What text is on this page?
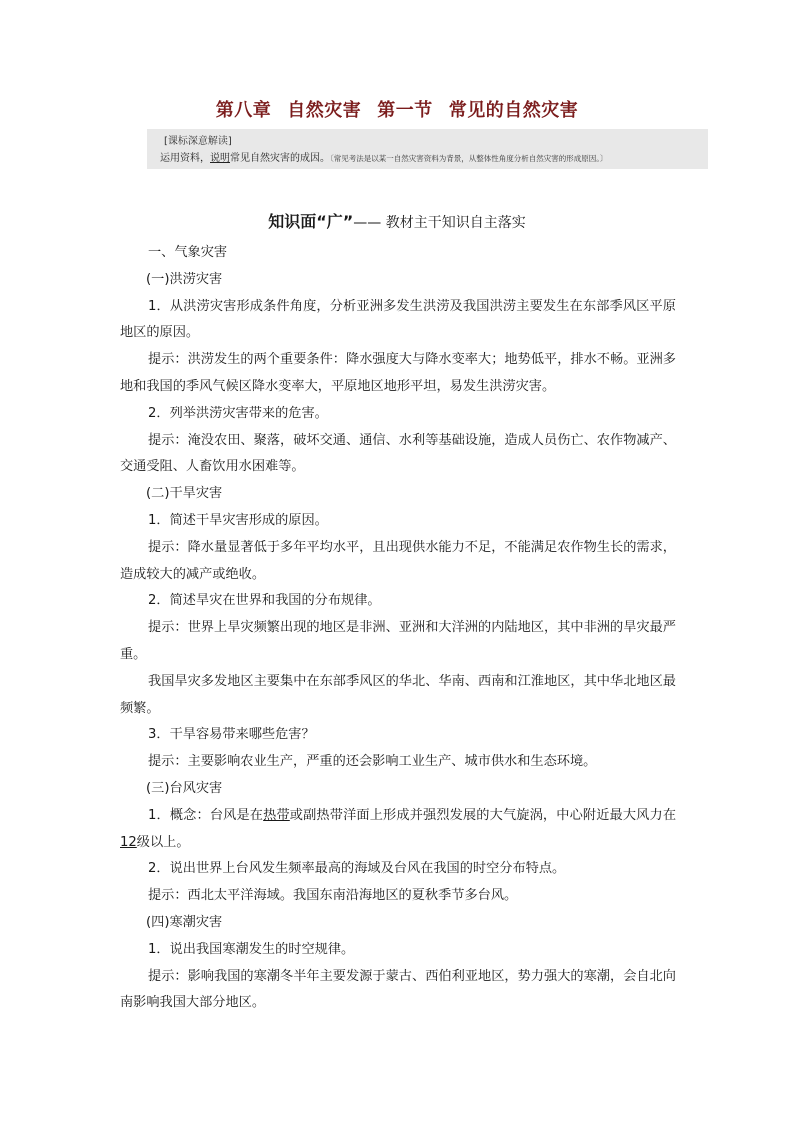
第八章 自然灾害 第一节 常见的自然灾害
[课标深意解读]
运用资料，说明常见自然灾害的成因。〔常见考法是以某一自然灾害资料为背景，从整体性角度分析自然灾害的形成原因。〕
知识面“广”—— 教材主干知识自主落实

一、气象灾害

(一)洪涝灾害

1．从洪涝灾害形成条件角度，分析亚洲多发生洪涝及我国洪涝主要发生在东部季风区平原地区的原因。

提示：洪涝发生的两个重要条件：降水强度大与降水变率大；地势低平，排水不畅。亚洲多地和我国的季风气候区降水变率大，平原地区地形平坦，易发生洪涝灾害。

2．列举洪涝灾害带来的危害。

提示：淹没农田、聚落，破坏交通、通信、水利等基础设施，造成人员伤亡、农作物减产、交通受阻、人畜饮用水困难等。

(二)干旱灾害

1．简述干旱灾害形成的原因。

提示：降水量显著低于多年平均水平，且出现供水能力不足，不能满足农作物生长的需求，造成较大的减产或绝收。

2．简述旱灾在世界和我国的分布规律。

提示：世界上旱灾频繁出现的地区是非洲、亚洲和大洋洲的内陆地区，其中非洲的旱灾最严重。

我国旱灾多发地区主要集中在东部季风区的华北、华南、西南和江淮地区，其中华北地区最频繁。

3．干旱容易带来哪些危害？

提示：主要影响农业生产，严重的还会影响工业生产、城市供水和生态环境。

(三)台风灾害

1．概念：台风是在热带或副热带洋面上形成并强烈发展的大气旋涡，中心附近最大风力在12级以上。

2．说出世界上台风发生频率最高的海域及台风在我国的时空分布特点。

提示：西北太平洋海域。我国东南沿海地区的夏秋季节多台风。

(四)寒潮灾害

1．说出我国寒潮发生的时空规律。

提示：影响我国的寒潮冬半年主要发源于蒙古、西伯利亚地区，势力强大的寒潮，会自北向南影响我国大部分地区。
